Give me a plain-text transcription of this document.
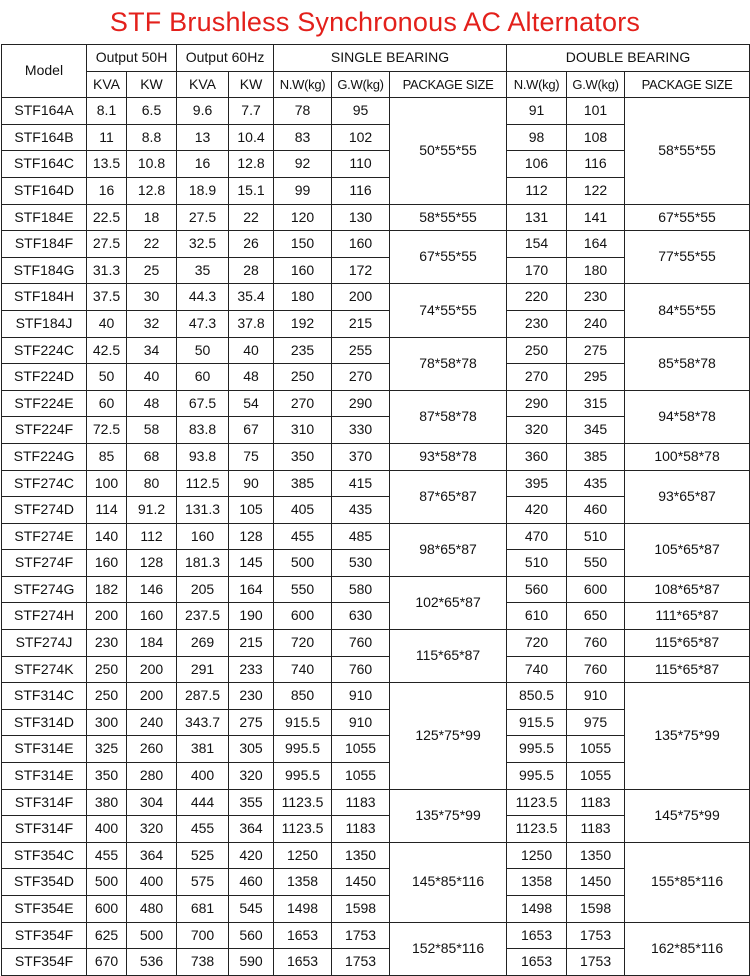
STF Brushless Synchronous AC Alternators
Model	Output 50H		Output 60Hz		SINGLE BEARING			DOUBLE BEARING		
	KVA	KW	KVA	KW	N.W(kg)	G.W(kg)	PACKAGE SIZE	N.W(kg)	G.W(kg)	PACKAGE SIZE
STF164A	8.1	6.5	9.6	7.7	78	95	50*55*55	91	101	58*55*55
STF164B	11	8.8	13	10.4	83	102		98	108	
STF164C	13.5	10.8	16	12.8	92	110		106	116	
STF164D	16	12.8	18.9	15.1	99	116		112	122	
STF184E	22.5	18	27.5	22	120	130	58*55*55	131	141	67*55*55
STF184F	27.5	22	32.5	26	150	160	67*55*55	154	164	77*55*55
STF184G	31.3	25	35	28	160	172		170	180	
STF184H	37.5	30	44.3	35.4	180	200	74*55*55	220	230	84*55*55
STF184J	40	32	47.3	37.8	192	215		230	240	
STF224C	42.5	34	50	40	235	255	78*58*78	250	275	85*58*78
STF224D	50	40	60	48	250	270		270	295	
STF224E	60	48	67.5	54	270	290	87*58*78	290	315	94*58*78
STF224F	72.5	58	83.8	67	310	330		320	345	
STF224G	85	68	93.8	75	350	370	93*58*78	360	385	100*58*78
STF274C	100	80	112.5	90	385	415	87*65*87	395	435	93*65*87
STF274D	114	91.2	131.3	105	405	435		420	460	
STF274E	140	112	160	128	455	485	98*65*87	470	510	105*65*87
STF274F	160	128	181.3	145	500	530		510	550	
STF274G	182	146	205	164	550	580	102*65*87	560	600	108*65*87
STF274H	200	160	237.5	190	600	630		610	650	111*65*87
STF274J	230	184	269	215	720	760	115*65*87	720	760	115*65*87
STF274K	250	200	291	233	740	760		740	760	115*65*87
STF314C	250	200	287.5	230	850	910	125*75*99	850.5	910	135*75*99
STF314D	300	240	343.7	275	915.5	910		915.5	975	
STF314E	325	260	381	305	995.5	1055		995.5	1055	
STF314E	350	280	400	320	995.5	1055		995.5	1055	
STF314F	380	304	444	355	1123.5	1183	135*75*99	1123.5	1183	145*75*99
STF314F	400	320	455	364	1123.5	1183		1123.5	1183	
STF354C	455	364	525	420	1250	1350	145*85*116	1250	1350	155*85*116
STF354D	500	400	575	460	1358	1450		1358	1450	
STF354E	600	480	681	545	1498	1598		1498	1598	
STF354F	625	500	700	560	1653	1753	152*85*116	1653	1753	162*85*116
STF354F	670	536	738	590	1653	1753		1653	1753	
